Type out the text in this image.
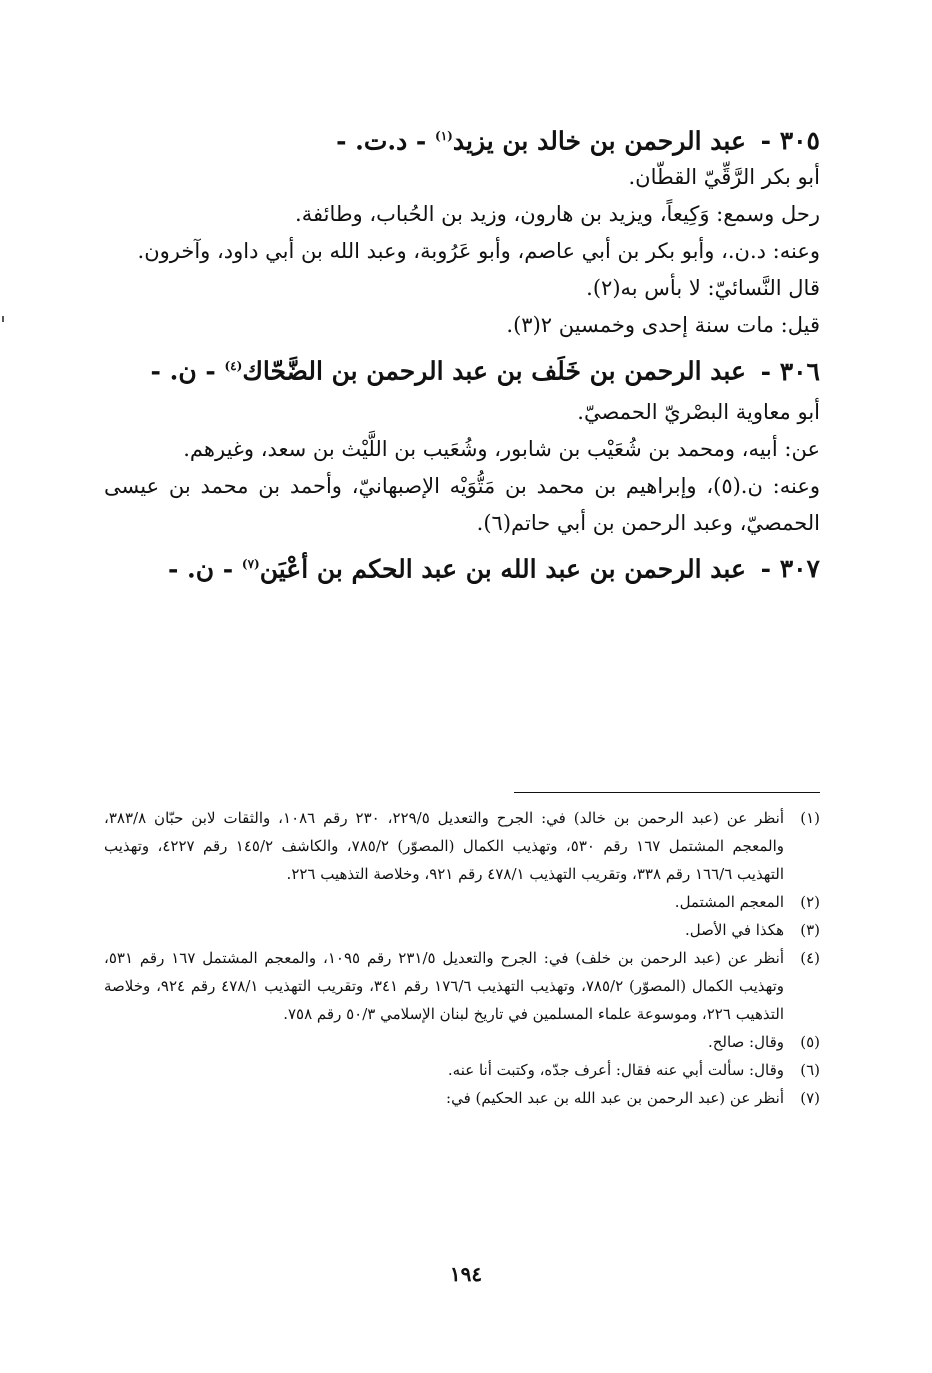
٣٠٥ - عبد الرحمن بن خالد بن يزيد$^{(١)}$ - د.ت. -

أبو بكر الرَّقِّيّ القطّان.

رحل وسمع: وَكِيعاً، ويزيد بن هارون، وزيد بن الحُباب، وطائفة.

وعنه: د.ن.، وأبو بكر بن أبي عاصم، وأبو عَرُوبة، وعبد الله بن أبي داود، وآخرون.

قال النَّسائيّ: لا بأس به(٢).

قيل: مات سنة إحدى وخمسين ٢(٣).

٣٠٦ - عبد الرحمن بن خَلَف بن عبد الرحمن بن الضَّحّاك$^{(٤)}$ - ن. -

أبو معاوية البصْريّ الحمصيّ.

عن: أبيه، ومحمد بن شُعَيْب بن شابور، وشُعَيب بن اللَّيْث بن سعد، وغيرهم.

وعنه: ن.(٥)، وإبراهيم بن محمد بن مَتُّوَيْه الإصبهانيّ، وأحمد بن محمد بن عيسى الحمصيّ، وعبد الرحمن بن أبي حاتم(٦).

٣٠٧ - عبد الرحمن بن عبد الله بن عبد الحكم بن أعْيَن$^{(٧)}$ - ن. -

(١)
أنظر عن (عبد الرحمن بن خالد) في: الجرح والتعديل ٢٢٩/٥، ٢٣٠ رقم ١٠٨٦، والثقات لابن حبّان ٣٨٣/٨، والمعجم المشتمل ١٦٧ رقم ٥٣٠، وتهذيب الكمال (المصوّر) ٧٨٥/٢، والكاشف ١٤٥/٢ رقم ٤٢٢٧، وتهذيب التهذيب ١٦٦/٦ رقم ٣٣٨، وتقريب التهذيب ٤٧٨/١ رقم ٩٢١، وخلاصة التذهيب ٢٢٦.
(٢)
المعجم المشتمل.
(٣)
هكذا في الأصل.
(٤)
أنظر عن (عبد الرحمن بن خلف) في: الجرح والتعديل ٢٣١/٥ رقم ١٠٩٥، والمعجم المشتمل ١٦٧ رقم ٥٣١، وتهذيب الكمال (المصوّر) ٧٨٥/٢، وتهذيب التهذيب ١٧٦/٦ رقم ٣٤١، وتقريب التهذيب ٤٧٨/١ رقم ٩٢٤، وخلاصة التذهيب ٢٢٦، وموسوعة علماء المسلمين في تاريخ لبنان الإسلامي ٥٠/٣ رقم ٧٥٨.
(٥)
وقال: صالح.
(٦)
وقال: سألت أبي عنه فقال: أعرف جدّه، وكتبت أنا عنه.
(٧)
أنظر عن (عبد الرحمن بن عبد الله بن عبد الحكيم) في:
١٩٤
